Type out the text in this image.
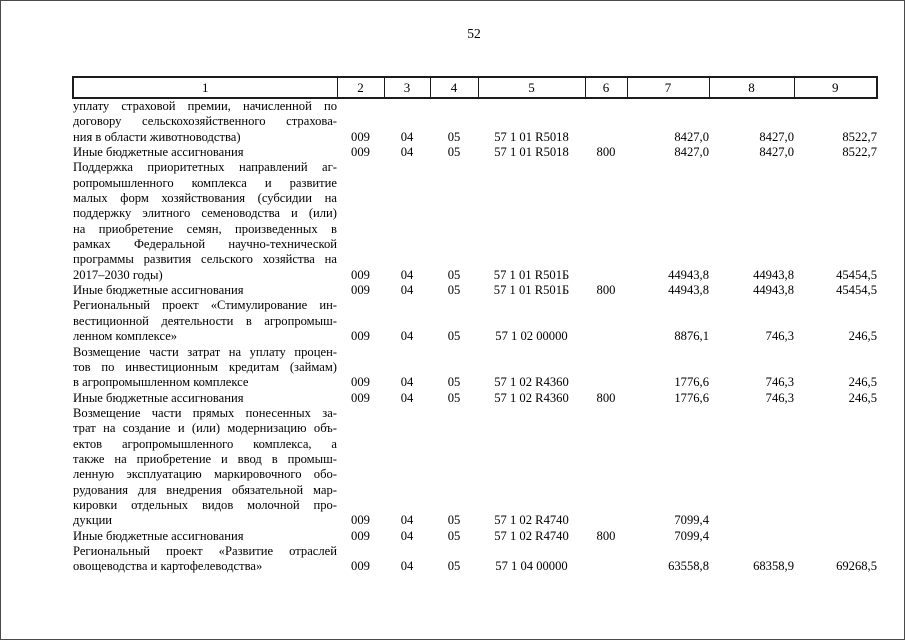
52
1	2	3	4	5	6	7	8	9

уплату страховой премии, начисленной по
договору сельскохозяйственного страхова-
ния в области животноводства)	009	04	05	57 1 01 R5018		8427,0	8427,0	8522,7

Иные бюджетные ассигнования	009	04	05	57 1 01 R5018	800	8427,0	8427,0	8522,7

Поддержка приоритетных направлений аг-
ропромышленного комплекса и развитие
малых форм хозяйствования (субсидии на
поддержку элитного семеноводства и (или)
на приобретение семян, произведенных в
рамках Федеральной научно-технической
программы развития сельского хозяйства на
2017–2030 годы)	009	04	05	57 1 01 R501Б		44943,8	44943,8	45454,5

Иные бюджетные ассигнования	009	04	05	57 1 01 R501Б	800	44943,8	44943,8	45454,5

Региональный проект «Стимулирование ин-
вестиционной деятельности в агропромыш-
ленном комплексе»	009	04	05	57 1 02 00000		8876,1	746,3	246,5

Возмещение части затрат на уплату процен-
тов по инвестиционным кредитам (займам)
в агропромышленном комплексе	009	04	05	57 1 02 R4360		1776,6	746,3	246,5

Иные бюджетные ассигнования	009	04	05	57 1 02 R4360	800	1776,6	746,3	246,5

Возмещение части прямых понесенных за-
трат на создание и (или) модернизацию объ-
ектов агропромышленного комплекса, а
также на приобретение и ввод в промыш-
ленную эксплуатацию маркировочного обо-
рудования для внедрения обязательной мар-
кировки отдельных видов молочной про-
дукции	009	04	05	57 1 02 R4740		7099,4		

Иные бюджетные ассигнования	009	04	05	57 1 02 R4740	800	7099,4		

Региональный проект «Развитие отраслей
овощеводства и картофелеводства»	009	04	05	57 1 04 00000		63558,8	68358,9	69268,5
